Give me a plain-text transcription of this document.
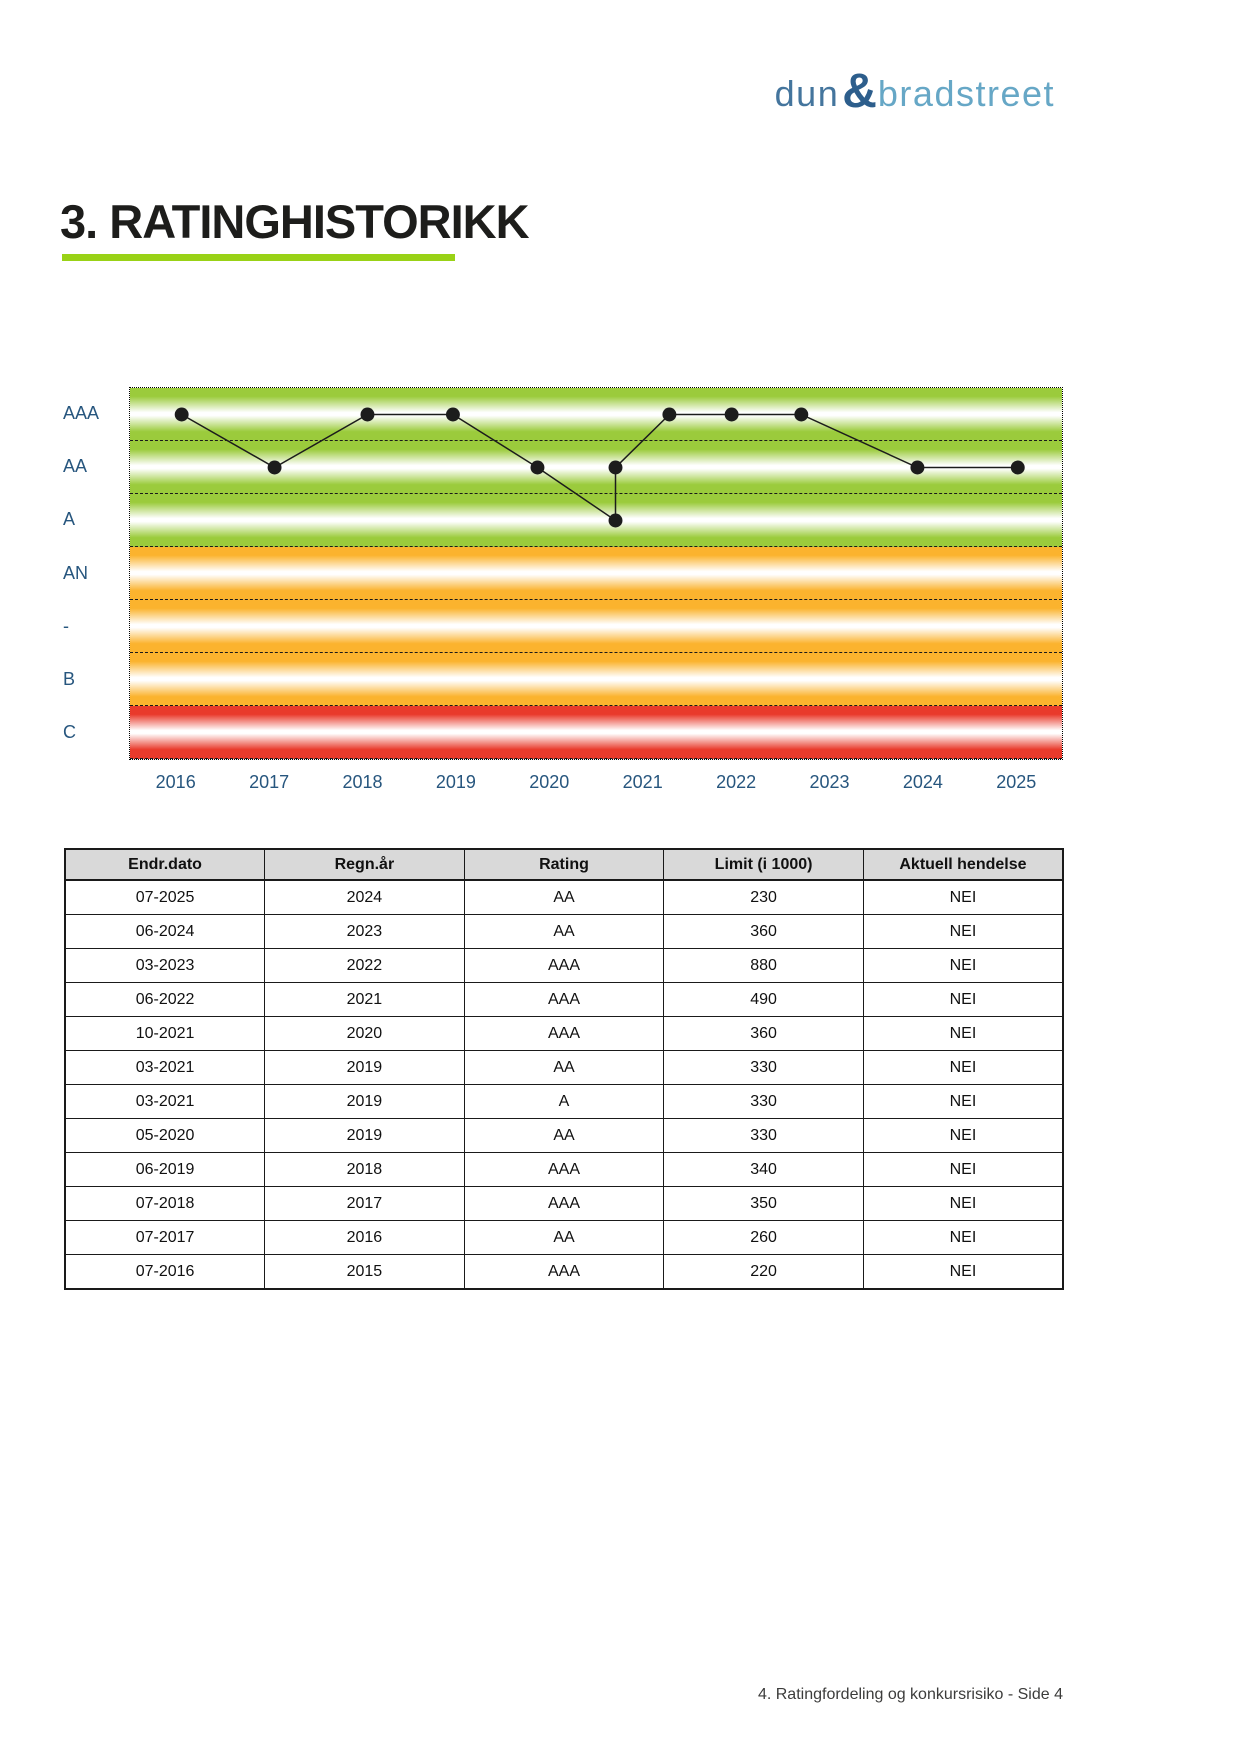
dun & bradstreet
3. RATINGHISTORIKK
AAA
AA
A
AN
-
B
C
2016	2017	2018	2019	2020	2021	2022	2023	2024	2025
Endr.dato	Regn.år	Rating	Limit (i 1000)	Aktuell hendelse
07-2025	2024	AA	230	NEI
06-2024	2023	AA	360	NEI
03-2023	2022	AAA	880	NEI
06-2022	2021	AAA	490	NEI
10-2021	2020	AAA	360	NEI
03-2021	2019	AA	330	NEI
03-2021	2019	A	330	NEI
05-2020	2019	AA	330	NEI
06-2019	2018	AAA	340	NEI
07-2018	2017	AAA	350	NEI
07-2017	2016	AA	260	NEI
07-2016	2015	AAA	220	NEI
4. Ratingfordeling og konkursrisiko - Side 4
